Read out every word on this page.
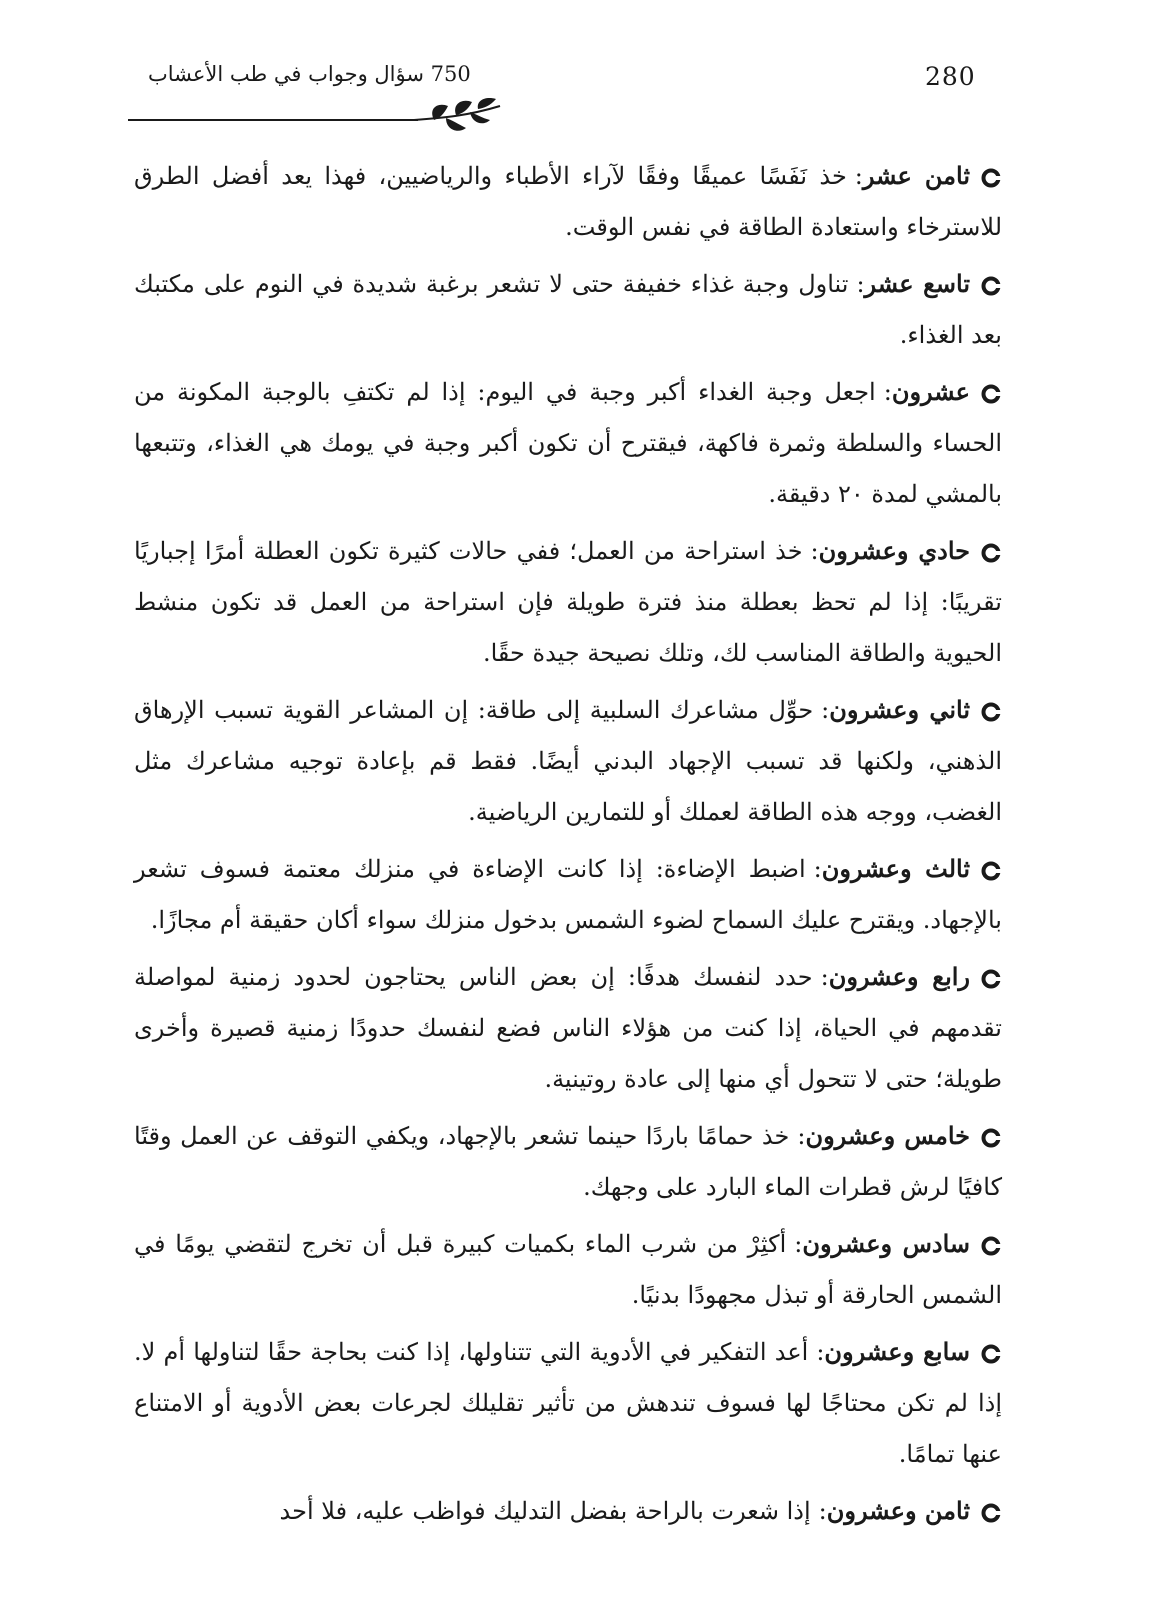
280
750 سؤال وجواب في طب الأعشاب

ثامن عشر:خذ نَفَسًا عميقًا وفقًا لآراء الأطباء والرياضيين، فهذا يعد أفضل الطرق للاسترخاء واستعادة الطاقة في نفس الوقت.

تاسع عشر:تناول وجبة غذاء خفيفة حتى لا تشعر برغبة شديدة في النوم على مكتبك بعد الغذاء.

عشرون:اجعل وجبة الغداء أكبر وجبة في اليوم: إذا لم تكتفِ بالوجبة المكونة من الحساء والسلطة وثمرة فاكهة، فيقترح أن تكون أكبر وجبة في يومك هي الغذاء، وتتبعها بالمشي لمدة ٢٠ دقيقة.

حادي وعشرون:خذ استراحة من العمل؛ ففي حالات كثيرة تكون العطلة أمرًا إجباريًا تقريبًا: إذا لم تحظ بعطلة منذ فترة طويلة فإن استراحة من العمل قد تكون منشط الحيوية والطاقة المناسب لك، وتلك نصيحة جيدة حقًا.

ثاني وعشرون:حوِّل مشاعرك السلبية إلى طاقة: إن المشاعر القوية تسبب الإرهاق الذهني، ولكنها قد تسبب الإجهاد البدني أيضًا. فقط قم بإعادة توجيه مشاعرك مثل الغضب، ووجه هذه الطاقة لعملك أو للتمارين الرياضية.

ثالث وعشرون:اضبط الإضاءة: إذا كانت الإضاءة في منزلك معتمة فسوف تشعر بالإجهاد. ويقترح عليك السماح لضوء الشمس بدخول منزلك سواء أكان حقيقة أم مجازًا.

رابع وعشرون:حدد لنفسك هدفًا: إن بعض الناس يحتاجون لحدود زمنية لمواصلة تقدمهم في الحياة، إذا كنت من هؤلاء الناس فضع لنفسك حدودًا زمنية قصيرة وأخرى طويلة؛ حتى لا تتحول أي منها إلى عادة روتينية.

خامس وعشرون:خذ حمامًا باردًا حينما تشعر بالإجهاد، ويكفي التوقف عن العمل وقتًا كافيًا لرش قطرات الماء البارد على وجهك.

سادس وعشرون:أكثِرْ من شرب الماء بكميات كبيرة قبل أن تخرج لتقضي يومًا في الشمس الحارقة أو تبذل مجهودًا بدنيًا.

سابع وعشرون:أعد التفكير في الأدوية التي تتناولها، إذا كنت بحاجة حقًا لتناولها أم لا. إذا لم تكن محتاجًا لها فسوف تندهش من تأثير تقليلك لجرعات بعض الأدوية أو الامتناع عنها تمامًا.

ثامن وعشرون:إذا شعرت بالراحة بفضل التدليك فواظب عليه، فلا أحد
